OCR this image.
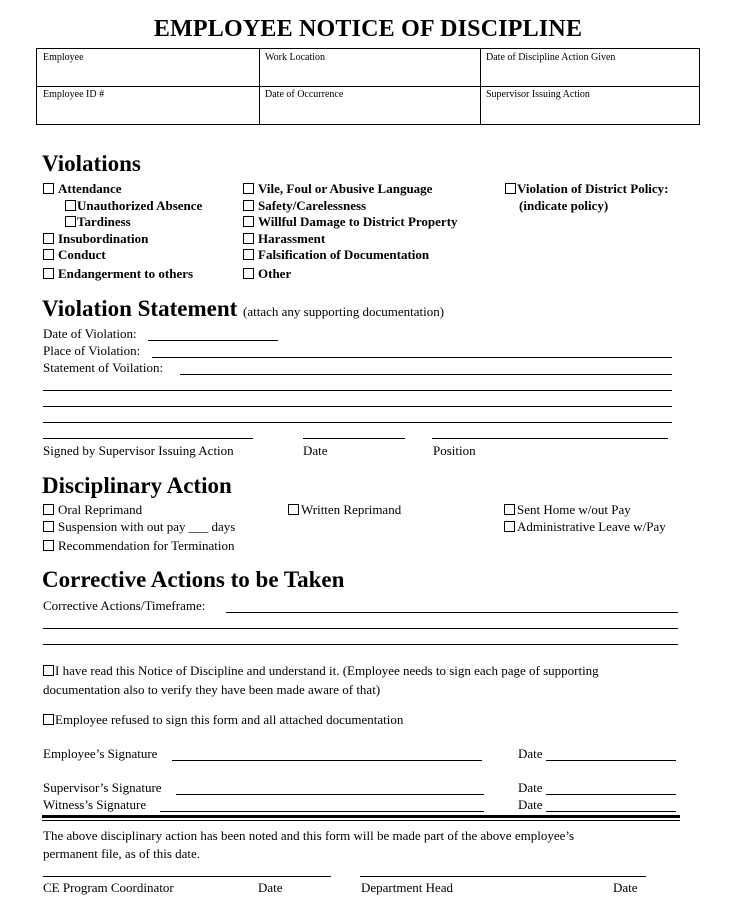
EMPLOYEE NOTICE OF DISCIPLINE
Employee	Work Location	Date of Discipline Action Given
Employee ID #	Date of Occurrence	Supervisor Issuing Action
Violations
Attendance
Unauthorized Absence
Tardiness
Insubordination
Conduct
Endangerment to others
Vile, Foul or Abusive Language
Safety/Carelessness
Willful Damage to District Property
Harassment
Falsification of Documentation
Other
Violation of District Policy:
(indicate policy)
Violation Statement (attach any supporting documentation)
Date of Violation:
Place of Violation:
Statement of Voilation:
Signed by Supervisor Issuing Action	Date	Position
Disciplinary Action
Oral Reprimand
Suspension with out pay ___ days
Recommendation for Termination
Written Reprimand	Sent Home w/out Pay
Administrative Leave w/Pay
Corrective Actions to be Taken
Corrective Actions/Timeframe:
I have read this Notice of Discipline and understand it. (Employee needs to sign each page of supporting
documentation also to verify they have been made aware of that)
Employee refused to sign this form and all attached documentation
Employee’s Signature	Date
Supervisor’s Signature	Date
Witness’s Signature	Date
The above disciplinary action has been noted and this form will be made part of the above employee’s
permanent file, as of this date.
CE Program Coordinator	Date	Department Head	Date
